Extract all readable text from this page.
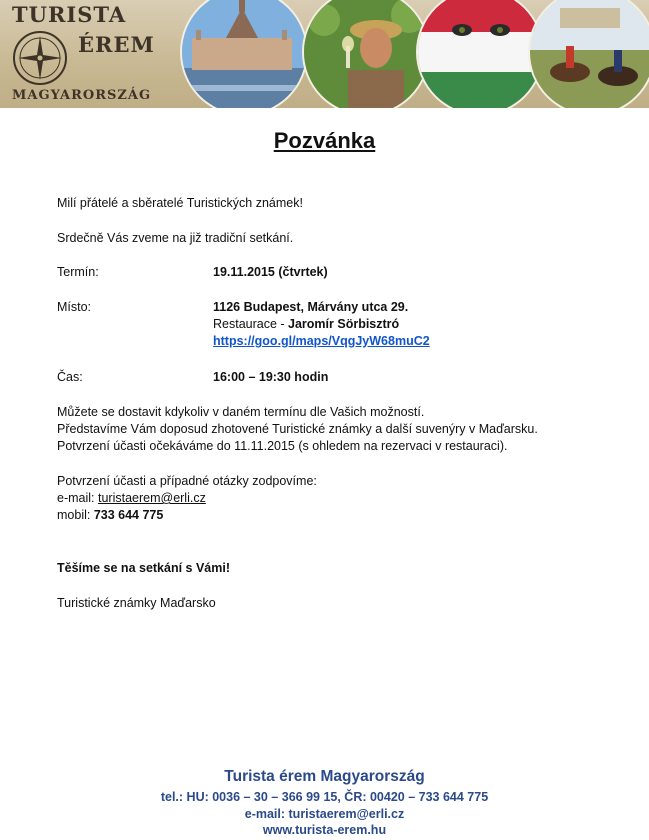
TURISTA
ÉREM
MAGYARORSZÁG
Pozvánka
Milí přátelé a sběratelé Turistických známek!
Srdečně Vás zveme na již tradiční setkání.
Termín:	19.11.2015 (čtvrtek)
Místo:	1126 Budapest, Márvány utca 29.
Restaurace - Jaromír Sörbisztró
https://goo.gl/maps/VqgJyW68muC2
Čas:	16:00 – 19:30 hodin
Můžete se dostavit kdykoliv v daném termínu dle Vašich možností.
Představíme Vám doposud zhotovené Turistické známky a další suvenýry v Maďarsku.
Potvrzení účasti očekáváme do 11.11.2015 (s ohledem na rezervaci v restauraci).
Potvrzení účasti a případné otázky zodpovíme:
e-mail: turistaerem@erli.cz
mobil: 733 644 775
Těšíme se na setkání s Vámi!
Turistické známky Maďarsko
Turista érem Magyarország
tel.: HU: 0036 – 30 – 366 99 15, ČR: 00420 – 733 644 775
e-mail: turistaerem@erli.cz
www.turista-erem.hu
